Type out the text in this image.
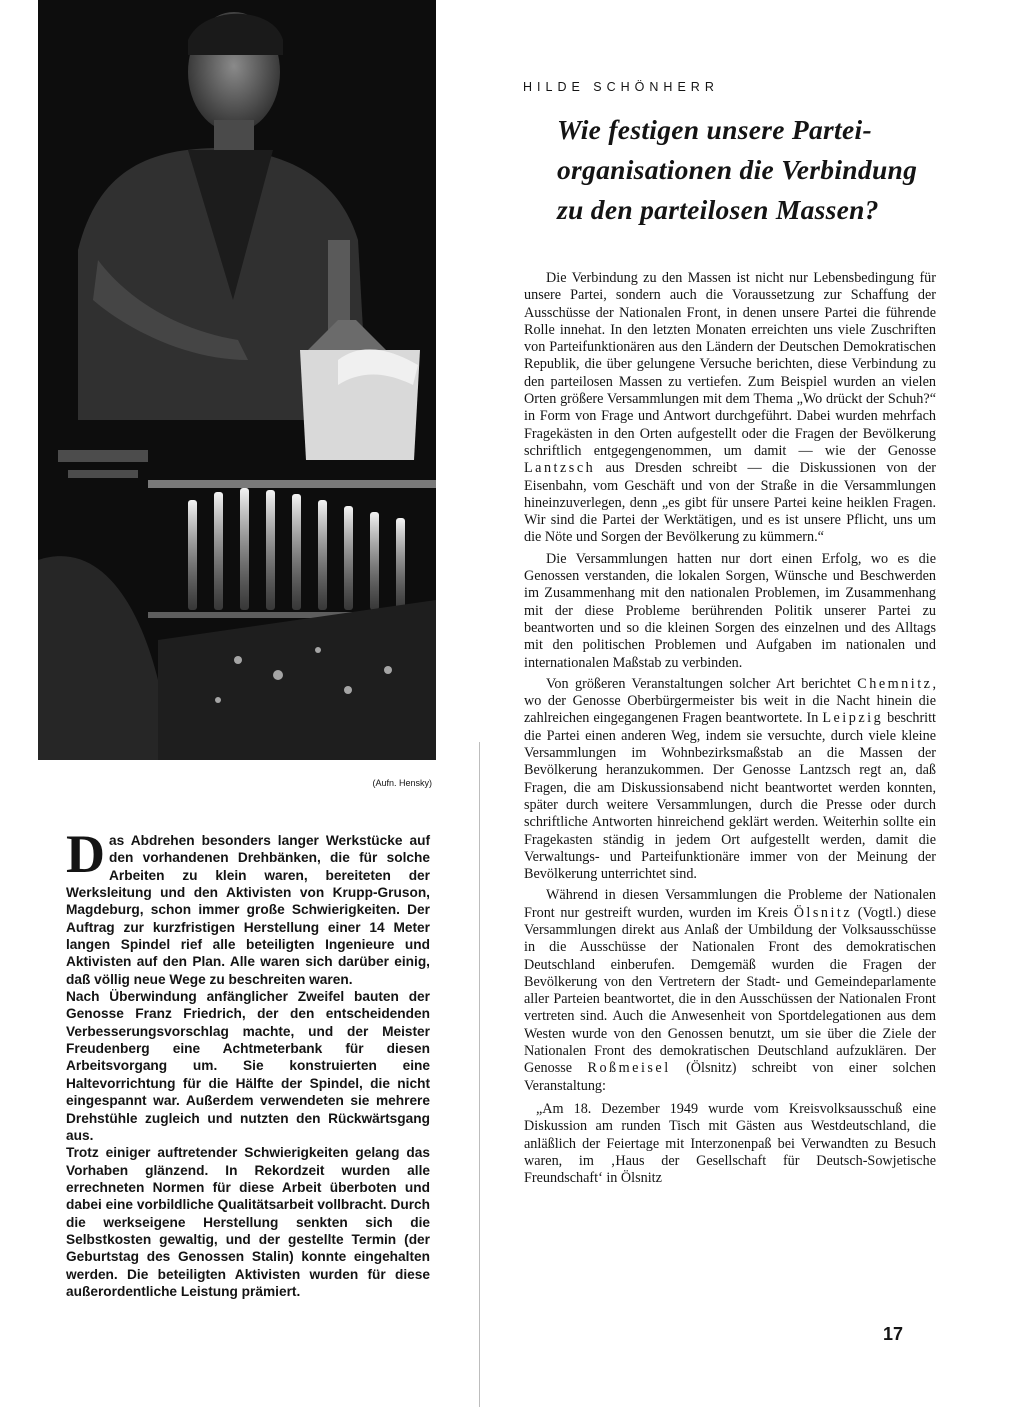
(Aufn. Hensky)

Das Abdrehen besonders langer Werkstücke auf den vorhandenen Drehbänken, die für solche Arbeiten zu klein waren, bereiteten der Werksleitung und den Aktivisten von Krupp-Gruson, Magdeburg, schon immer große Schwierigkeiten. Der Auftrag zur kurzfristigen Herstellung einer 14 Meter langen Spindel rief alle beteiligten Ingenieure und Aktivisten auf den Plan. Alle waren sich darüber einig, daß völlig neue Wege zu beschreiten waren.

Nach Überwindung anfänglicher Zweifel bauten der Genosse Franz Friedrich, der den entscheidenden Verbesserungsvorschlag machte, und der Meister Freudenberg eine Achtmeterbank für diesen Arbeitsvorgang um. Sie konstruierten eine Haltevorrichtung für die Hälfte der Spindel, die nicht eingespannt war. Außerdem verwendeten sie mehrere Drehstühle zugleich und nutzten den Rückwärtsgang aus.

Trotz einiger auftretender Schwierigkeiten gelang das Vorhaben glänzend. In Rekordzeit wurden alle errechneten Normen für diese Arbeit überboten und dabei eine vorbildliche Qualitätsarbeit vollbracht. Durch die werkseigene Herstellung senkten sich die Selbstkosten gewaltig, und der gestellte Termin (der Geburtstag des Genossen Stalin) konnte eingehalten werden. Die beteiligten Aktivisten wurden für diese außerordentliche Leistung prämiert.

HILDE SCHÖNHERR
Wie festigen unsere Partei-
organisationen die Verbindung
zu den parteilosen Massen?

Die Verbindung zu den Massen ist nicht nur Lebensbedingung für unsere Partei, sondern auch die Voraussetzung zur Schaffung der Ausschüsse der Nationalen Front, in denen unsere Partei die führende Rolle innehat. In den letzten Monaten erreichten uns viele Zuschriften von Parteifunktionären aus den Ländern der Deutschen Demokratischen Republik, die über gelungene Versuche berichten, diese Verbindung zu den parteilosen Massen zu vertiefen. Zum Beispiel wurden an vielen Orten größere Versammlungen mit dem Thema „Wo drückt der Schuh?“ in Form von Frage und Antwort durchgeführt. Dabei wurden mehrfach Fragekästen in den Orten aufgestellt oder die Fragen der Bevölkerung schriftlich entgegengenommen, um damit — wie der Genosse Lantzsch aus Dresden schreibt — die Diskussionen von der Eisenbahn, vom Geschäft und von der Straße in die Versammlungen hineinzuverlegen, denn „es gibt für unsere Partei keine heiklen Fragen. Wir sind die Partei der Werktätigen, und es ist unsere Pflicht, uns um die Nöte und Sorgen der Bevölkerung zu kümmern.“

Die Versammlungen hatten nur dort einen Erfolg, wo es die Genossen verstanden, die lokalen Sorgen, Wünsche und Beschwerden im Zusammenhang mit den nationalen Problemen, im Zusammenhang mit der diese Probleme berührenden Politik unserer Partei zu beantworten und so die kleinen Sorgen des einzelnen und des Alltags mit den politischen Problemen und Aufgaben im nationalen und internationalen Maßstab zu verbinden.

Von größeren Veranstaltungen solcher Art berichtet Chemnitz, wo der Genosse Oberbürgermeister bis weit in die Nacht hinein die zahlreichen eingegangenen Fragen beantwortete. In Leipzig beschritt die Partei einen anderen Weg, indem sie versuchte, durch viele kleine Versammlungen im Wohnbezirksmaßstab an die Massen der Bevölkerung heranzukommen. Der Genosse Lantzsch regt an, daß Fragen, die am Diskussionsabend nicht beantwortet werden konnten, später durch weitere Versammlungen, durch die Presse oder durch schriftliche Antworten hinreichend geklärt werden. Weiterhin sollte ein Fragekasten ständig in jedem Ort aufgestellt werden, damit die Verwaltungs- und Parteifunktionäre immer von der Meinung der Bevölkerung unterrichtet sind.

Während in diesen Versammlungen die Probleme der Nationalen Front nur gestreift wurden, wurden im Kreis Ölsnitz (Vogtl.) diese Versammlungen direkt aus Anlaß der Umbildung der Volksausschüsse in die Ausschüsse der Nationalen Front des demokratischen Deutschland einberufen. Demgemäß wurden die Fragen der Bevölkerung von den Vertretern der Stadt- und Gemeindeparlamente aller Parteien beantwortet, die in den Ausschüssen der Nationalen Front vertreten sind. Auch die Anwesenheit von Sportdelegationen aus dem Westen wurde von den Genossen benutzt, um sie über die Ziele der Nationalen Front des demokratischen Deutschland aufzuklären. Der Genosse Roßmeisel (Ölsnitz) schreibt von einer solchen Veranstaltung:

„Am 18. Dezember 1949 wurde vom Kreisvolksausschuß eine Diskussion am runden Tisch mit Gästen aus Westdeutschland, die anläßlich der Feiertage mit Interzonenpaß bei Verwandten zu Besuch waren, im ‚Haus der Gesellschaft für Deutsch-Sowjetische Freundschaft‘ in Ölsnitz

17
